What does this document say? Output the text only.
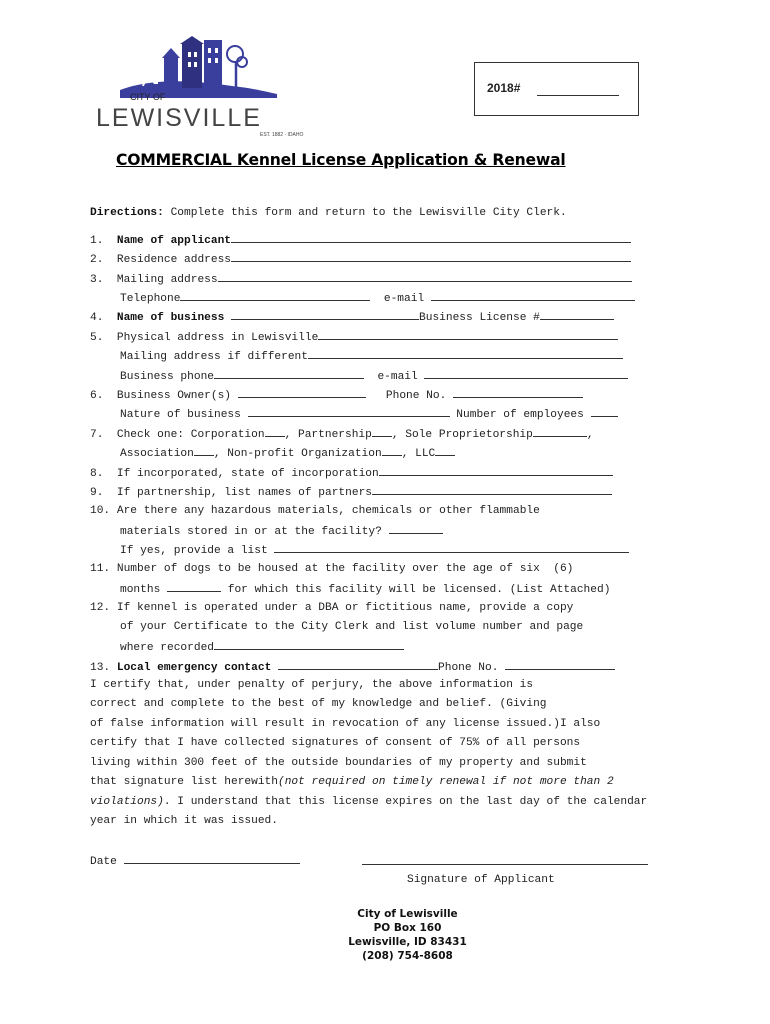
CITY OF
LEWISVILLE
EST. 1882 · IDAHO
2018#
COMMERCIAL Kennel License Application & Renewal
Directions: Complete this form and return to the Lewisville City Clerk.
1. Name of applicant
2. Residence address
3. Mailing address
Telephone	e-mail
4. Name of business	Business License #
5. Physical address in Lewisville
Mailing address if different
Business phone	e-mail
6. Business Owner(s)	Phone No.
Nature of business	Number of employees
7. Check one: Corporation , Partnership , Sole Proprietorship	,
Association , Non-profit Organization , LLC
8. If incorporated, state of incorporation
9. If partnership, list names of partners
10. Are there any hazardous materials, chemicals or other flammable
materials stored in or at the facility?
If yes, provide a list
11. Number of dogs to be housed at the facility over the age of six  (6)
months	for which this facility will be licensed. (List Attached)
12. If kennel is operated under a DBA or fictitious name, provide a copy
of your Certificate to the City Clerk and list volume number and page
where recorded
13. Local emergency contact	Phone No.
I certify that, under penalty of perjury, the above information is
correct and complete to the best of my knowledge and belief. (Giving
of false information will result in revocation of any license issued.)I also
certify that I have collected signatures of consent of 75% of all persons
living within 300 feet of the outside boundaries of my property and submit
that signature list herewith(not required on timely renewal if not more than 2
violations). I understand that this license expires on the last day of the calendar
year in which it was issued.
Date
Signature of Applicant
City of Lewisville
PO Box 160
Lewisville, ID 83431
(208) 754-8608
